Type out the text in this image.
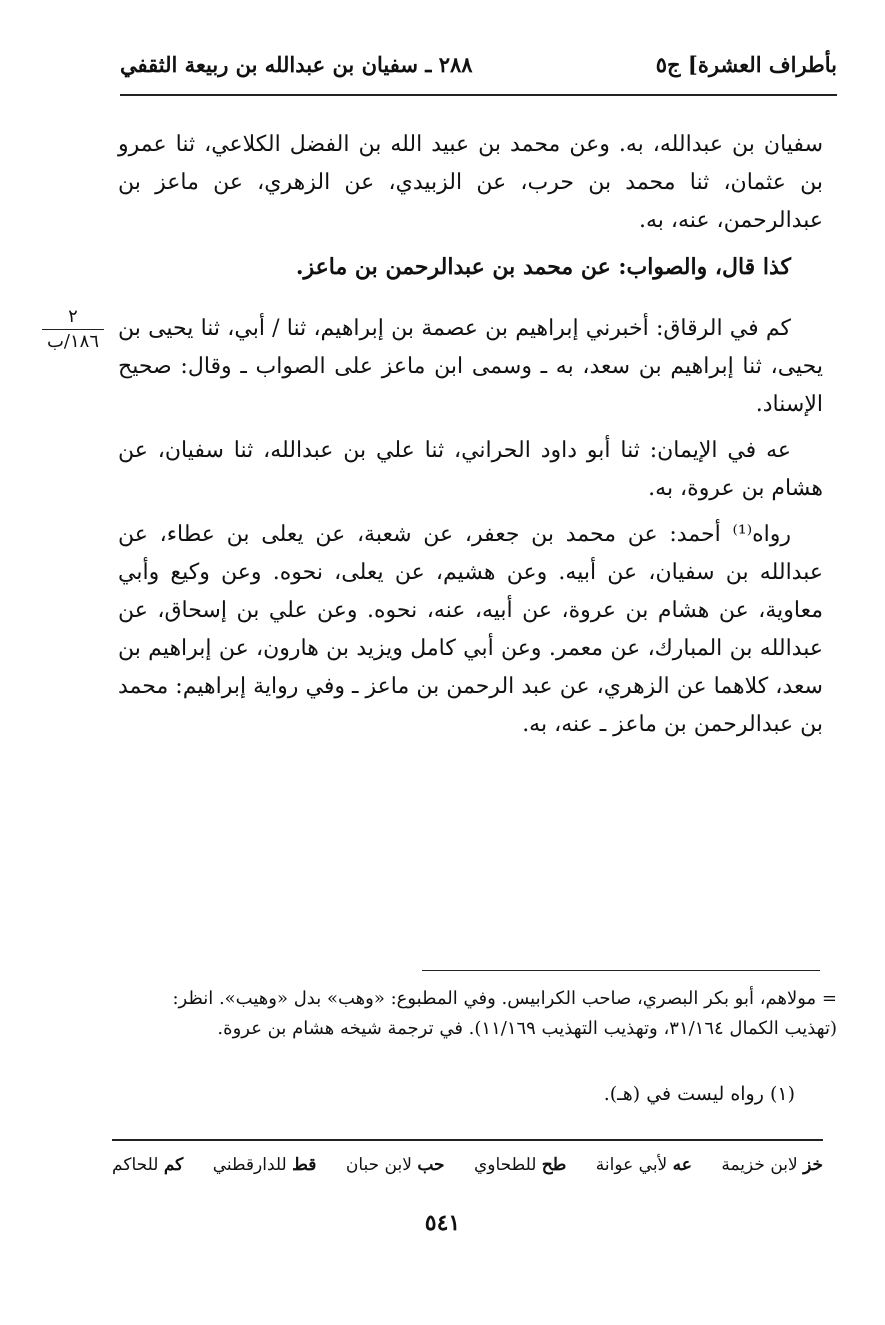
بأطراف العشرة] ج٥
٢٨٨ ـ سفيان بن عبدالله بن ربيعة الثقفي
٢
١٨٦/ب

سفيان بن عبدالله، به. وعن محمد بن عبيد الله بن الفضل الكلاعي، ثنا عمرو بن عثمان، ثنا محمد بن حرب، عن الزبيدي، عن الزهري، عن ماعز بن عبدالرحمن، عنه، به.

كذا قال، والصواب: عن محمد بن عبدالرحمن بن ماعز.

كم في الرقاق: أخبرني إبراهيم بن عصمة بن إبراهيم، ثنا / أبي، ثنا يحيى بن يحيى، ثنا إبراهيم بن سعد، به ـ وسمى ابن ماعز على الصواب ـ وقال: صحيح الإسناد.

عه في الإيمان: ثنا أبو داود الحراني، ثنا علي بن عبدالله، ثنا سفيان، عن هشام بن عروة، به.

رواه⁽¹⁾ أحمد: عن محمد بن جعفر، عن شعبة، عن يعلى بن عطاء، عن عبدالله بن سفيان، عن أبيه. وعن هشيم، عن يعلى، نحوه. وعن وكيع وأبي معاوية، عن هشام بن عروة، عن أبيه، عنه، نحوه. وعن علي بن إسحاق، عن عبدالله بن المبارك، عن معمر. وعن أبي كامل ويزيد بن هارون، عن إبراهيم بن سعد، كلاهما عن الزهري، عن عبد الرحمن بن ماعز ـ وفي رواية إبراهيم: محمد بن عبدالرحمن بن ماعز ـ عنه، به.

= مولاهم، أبو بكر البصري، صاحب الكرابيس. وفي المطبوع: «وهب» بدل «وهيب». انظر:

(تهذيب الكمال ٣١/١٦٤، وتهذيب التهذيب ١١/١٦٩). في ترجمة شيخه هشام بن عروة.

(١) رواه ليست في (هـ).
خز لابن خزيمة
عه لأبي عوانة
طح للطحاوي
حب لابن حبان
قط للدارقطني
كم للحاكم
٥٤١
